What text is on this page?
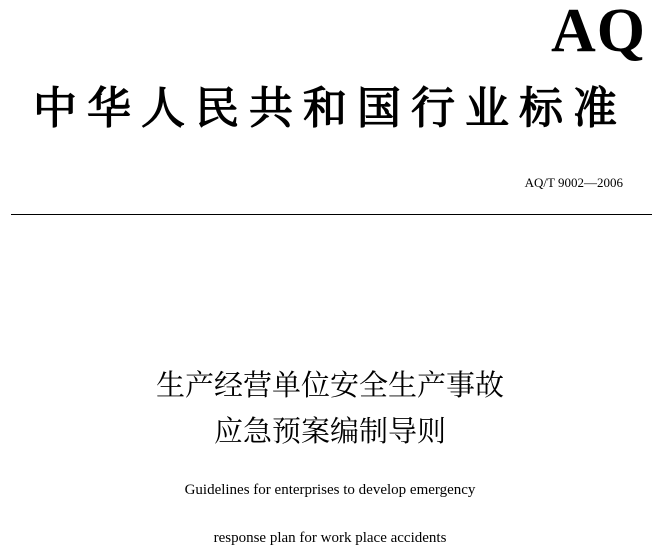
AQ
中华人民共和国行业标准
AQ/T 9002—2006
生产经营单位安全生产事故
应急预案编制导则
Guidelines for enterprises to develop emergency
response plan for work place accidents
